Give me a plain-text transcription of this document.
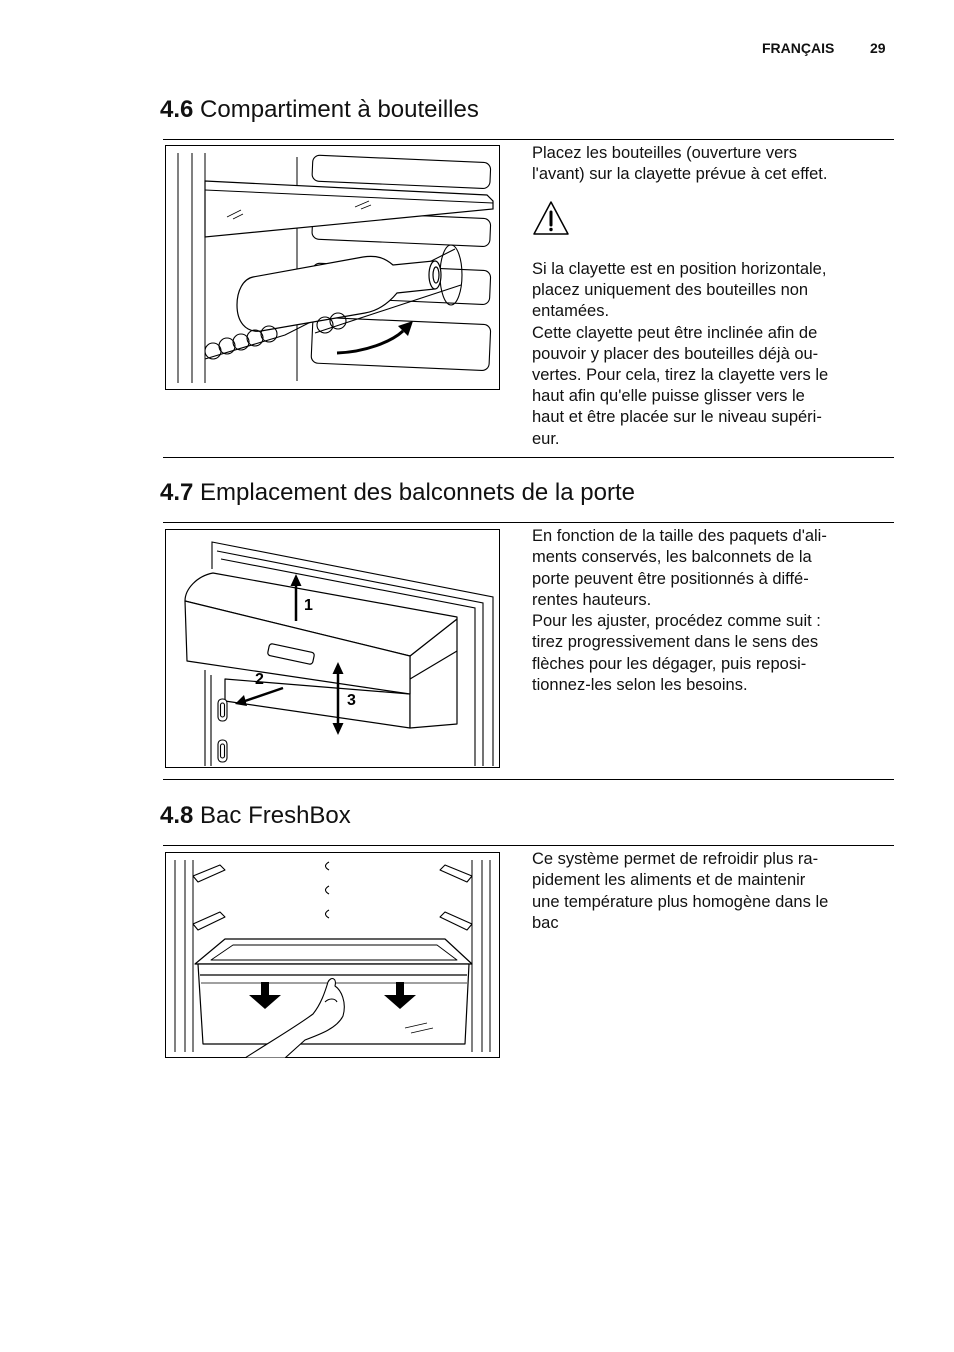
FRANÇAIS	29
4.6 Compartiment à bouteilles
Placez les bouteilles (ouverture vers
l'avant) sur la clayette prévue à cet effet.
Si la clayette est en position horizontale,
placez uniquement des bouteilles non
entamées.
Cette clayette peut être inclinée afin de
pouvoir y placer des bouteilles déjà ou-
vertes. Pour cela, tirez la clayette vers le
haut afin qu'elle puisse glisser vers le
haut et être placée sur le niveau supéri-
eur.
4.7 Emplacement des balconnets de la porte
1
2
3
En fonction de la taille des paquets d'ali-
ments conservés, les balconnets de la
porte peuvent être positionnés à diffé-
rentes hauteurs.
Pour les ajuster, procédez comme suit :
tirez progressivement dans le sens des
flèches pour les dégager, puis reposi-
tionnez-les selon les besoins.
4.8 Bac FreshBox
Ce système permet de refroidir plus ra-
pidement les aliments et de maintenir
une température plus homogène dans le
bac
